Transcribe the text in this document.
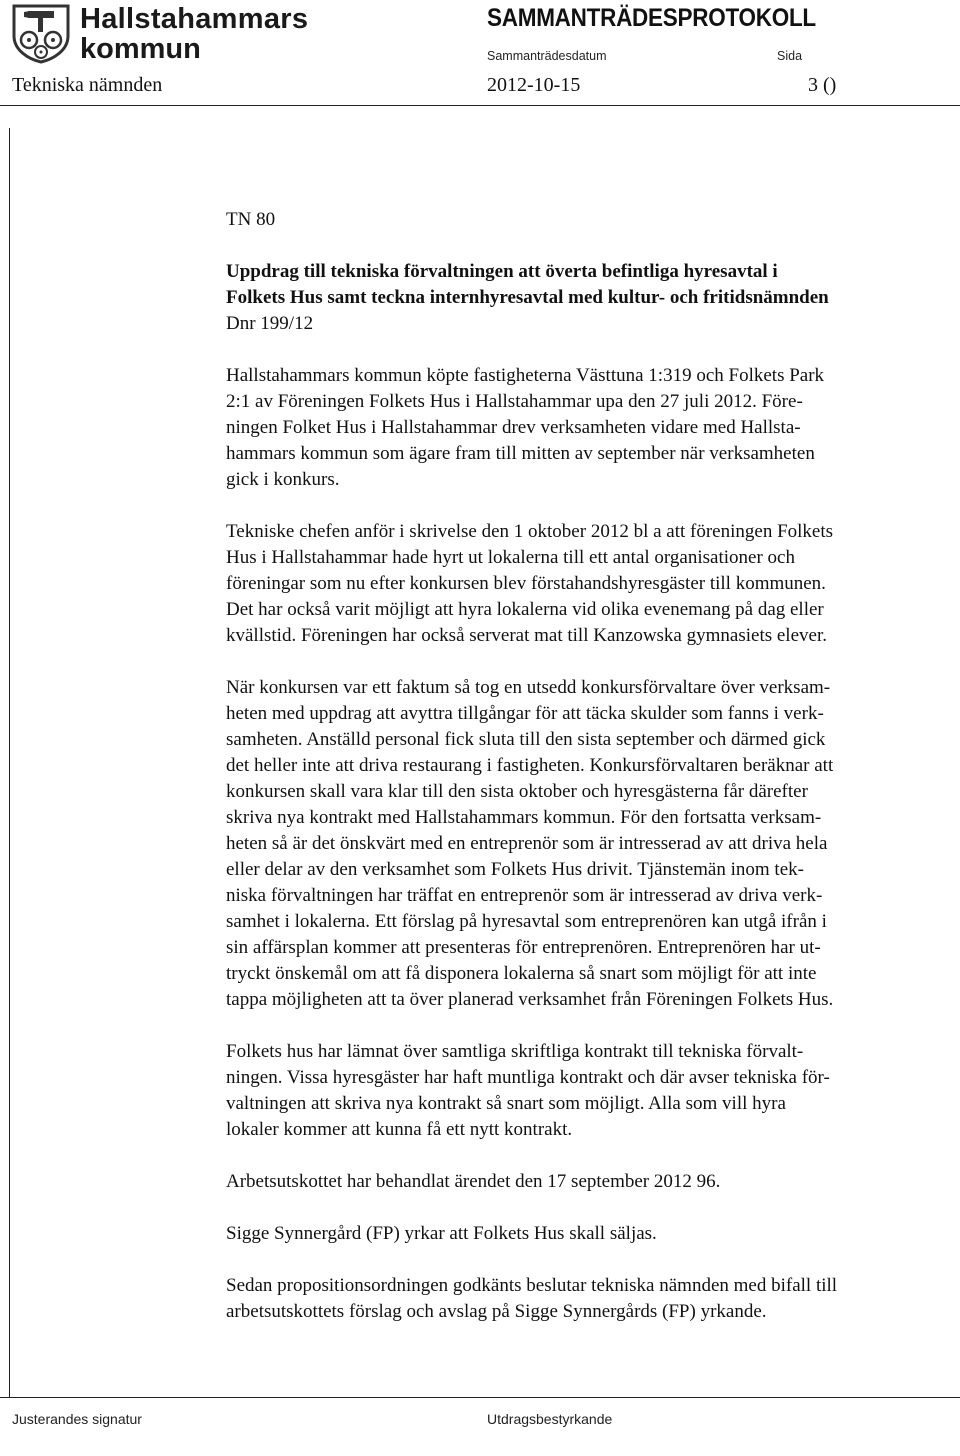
Hallstahammars
kommun
SAMMANTRÄDESPROTOKOLL
Sammanträdesdatum	Sida
Tekniska nämnden	2012-10-15	3 ()

TN 80

Uppdrag till tekniska förvaltningen att överta befintliga hyresavtal i
Folkets Hus samt teckna internhyresavtal med kultur- och fritidsnämnden

Dnr 199/12

Hallstahammars kommun köpte fastigheterna Västtuna 1:319 och Folkets Park
2:1 av Föreningen Folkets Hus i Hallstahammar upa den 27 juli 2012. Före-
ningen Folket Hus i Hallstahammar drev verksamheten vidare med Hallsta-
hammars kommun som ägare fram till mitten av september när verksamheten
gick i konkurs.

Tekniske chefen anför i skrivelse den 1 oktober 2012 bl a att föreningen Folkets
Hus i Hallstahammar hade hyrt ut lokalerna till ett antal organisationer och
föreningar som nu efter konkursen blev förstahandshyresgäster till kommunen.
Det har också varit möjligt att hyra lokalerna vid olika evenemang på dag eller
kvällstid. Föreningen har också serverat mat till Kanzowska gymnasiets elever.

När konkursen var ett faktum så tog en utsedd konkursförvaltare över verksam-
heten med uppdrag att avyttra tillgångar för att täcka skulder som fanns i verk-
samheten. Anställd personal fick sluta till den sista september och därmed gick
det heller inte att driva restaurang i fastigheten. Konkursförvaltaren beräknar att
konkursen skall vara klar till den sista oktober och hyresgästerna får därefter
skriva nya kontrakt med Hallstahammars kommun. För den fortsatta verksam-
heten så är det önskvärt med en entreprenör som är intresserad av att driva hela
eller delar av den verksamhet som Folkets Hus drivit. Tjänstemän inom tek-
niska förvaltningen har träffat en entreprenör som är intresserad av driva verk-
samhet i lokalerna. Ett förslag på hyresavtal som entreprenören kan utgå ifrån i
sin affärsplan kommer att presenteras för entreprenören. Entreprenören har ut-
tryckt önskemål om att få disponera lokalerna så snart som möjligt för att inte
tappa möjligheten att ta över planerad verksamhet från Föreningen Folkets Hus.

Folkets hus har lämnat över samtliga skriftliga kontrakt till tekniska förvalt-
ningen. Vissa hyresgäster har haft muntliga kontrakt och där avser tekniska för-
valtningen att skriva nya kontrakt så snart som möjligt. Alla som vill hyra
lokaler kommer att kunna få ett nytt kontrakt.

Arbetsutskottet har behandlat ärendet den 17 september 2012 96.

Sigge Synnergård (FP) yrkar att Folkets Hus skall säljas.

Sedan propositionsordningen godkänts beslutar tekniska nämnden med bifall till
arbetsutskottets förslag och avslag på Sigge Synnergårds (FP) yrkande.

Justerandes signatur	Utdragsbestyrkande
